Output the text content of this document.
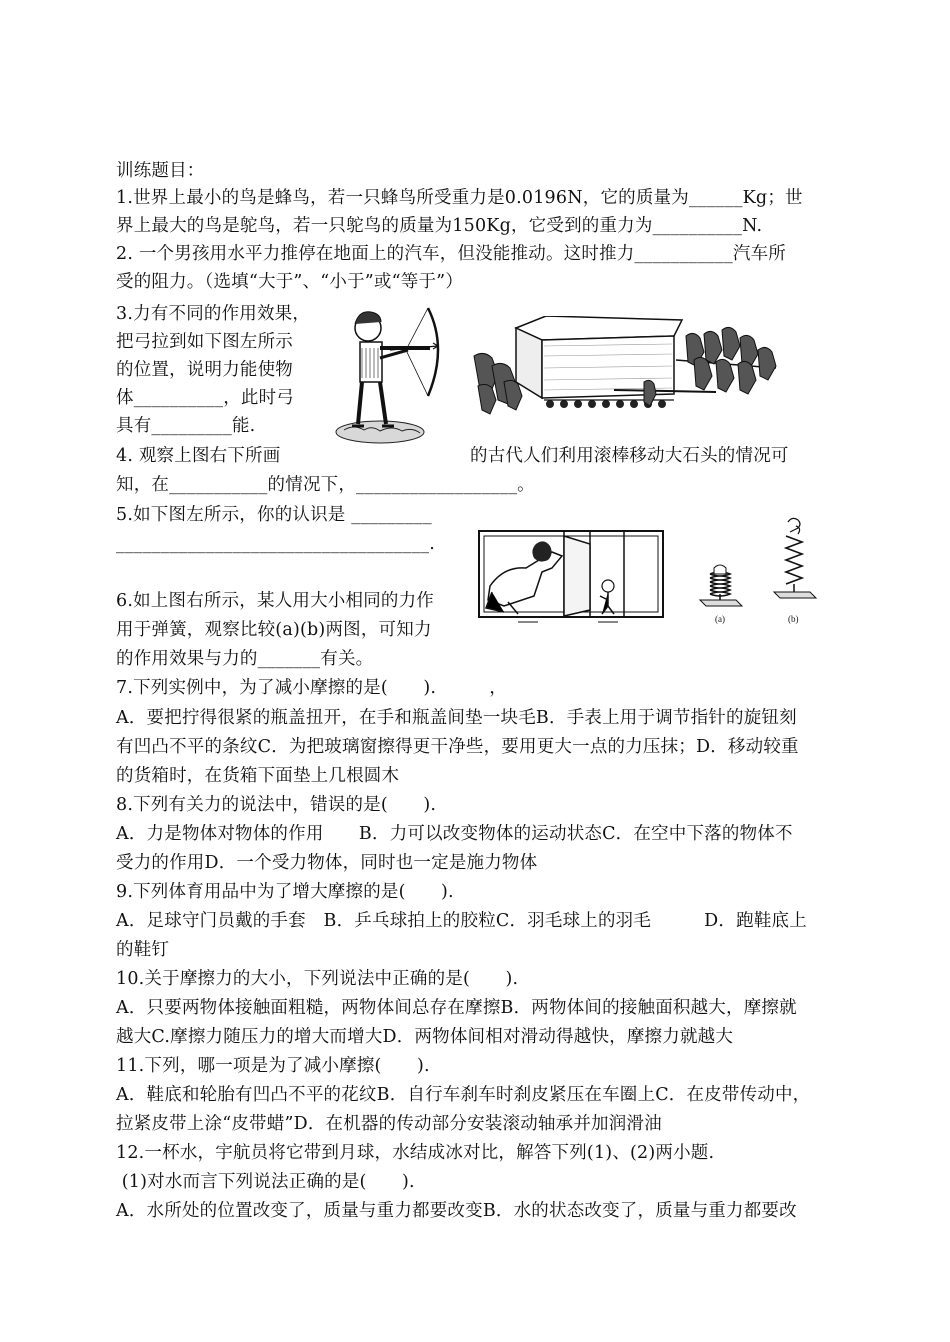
训练题目：
1.世界上最小的鸟是蜂鸟，若一只蜂鸟所受重力是0.0196N，它的质量为______Kg；世
界上最大的鸟是鸵鸟，若一只鸵鸟的质量为150Kg，它受到的重力为__________N.
2. 一个男孩用水平力推停在地面上的汽车，但没能推动。这时推力___________汽车所
受的阻力。（选填“大于”、“小于”或“等于”）
3.力有不同的作用效果，
把弓拉到如下图左所示
的位置，说明力能使物
体__________，此时弓
具有_________能.
4. 观察上图右下所画	的古代人们利用滚棒移动大石头的情况可
知，在___________的情况下，__________________。
5.如下图左所示，你的认识是 _________
___________________________________.
6.如上图右所示，某人用大小相同的力作
用于弹簧，观察比较(a)(b)两图，可知力
的作用效果与力的_______有关。
7.下列实例中，为了减小摩擦的是(　　).　　　，
A．要把拧得很紧的瓶盖扭开，在手和瓶盖间垫一块毛B．手表上用于调节指针的旋钮刻
有凹凸不平的条纹C．为把玻璃窗擦得更干净些，要用更大一点的力压抹；D．移动较重
的货箱时，在货箱下面垫上几根圆木
8.下列有关力的说法中，错误的是(　　).
A．力是物体对物体的作用　　B．力可以改变物体的运动状态C．在空中下落的物体不
受力的作用D．一个受力物体，同时也一定是施力物体
9.下列体育用品中为了增大摩擦的是(　　).
A．足球守门员戴的手套　B．乒乓球拍上的胶粒C．羽毛球上的羽毛　　　D．跑鞋底上
的鞋钉
10.关于摩擦力的大小，下列说法中正确的是(　　).
A．只要两物体接触面粗糙，两物体间总存在摩擦B．两物体间的接触面积越大，摩擦就
越大C.摩擦力随压力的增大而增大D．两物体间相对滑动得越快，摩擦力就越大
11.下列，哪一项是为了减小摩擦(　　).
A．鞋底和轮胎有凹凸不平的花纹B．自行车刹车时刹皮紧压在车圈上C．在皮带传动中，
拉紧皮带上涂“皮带蜡”D．在机器的传动部分安装滚动轴承并加润滑油
12.一杯水，宇航员将它带到月球，水结成冰对比，解答下列(1)、(2)两小题.
(1)对水而言下列说法正确的是(　　).
A．水所处的位置改变了，质量与重力都要改变B．水的状态改变了，质量与重力都要改
(a)	(b)
